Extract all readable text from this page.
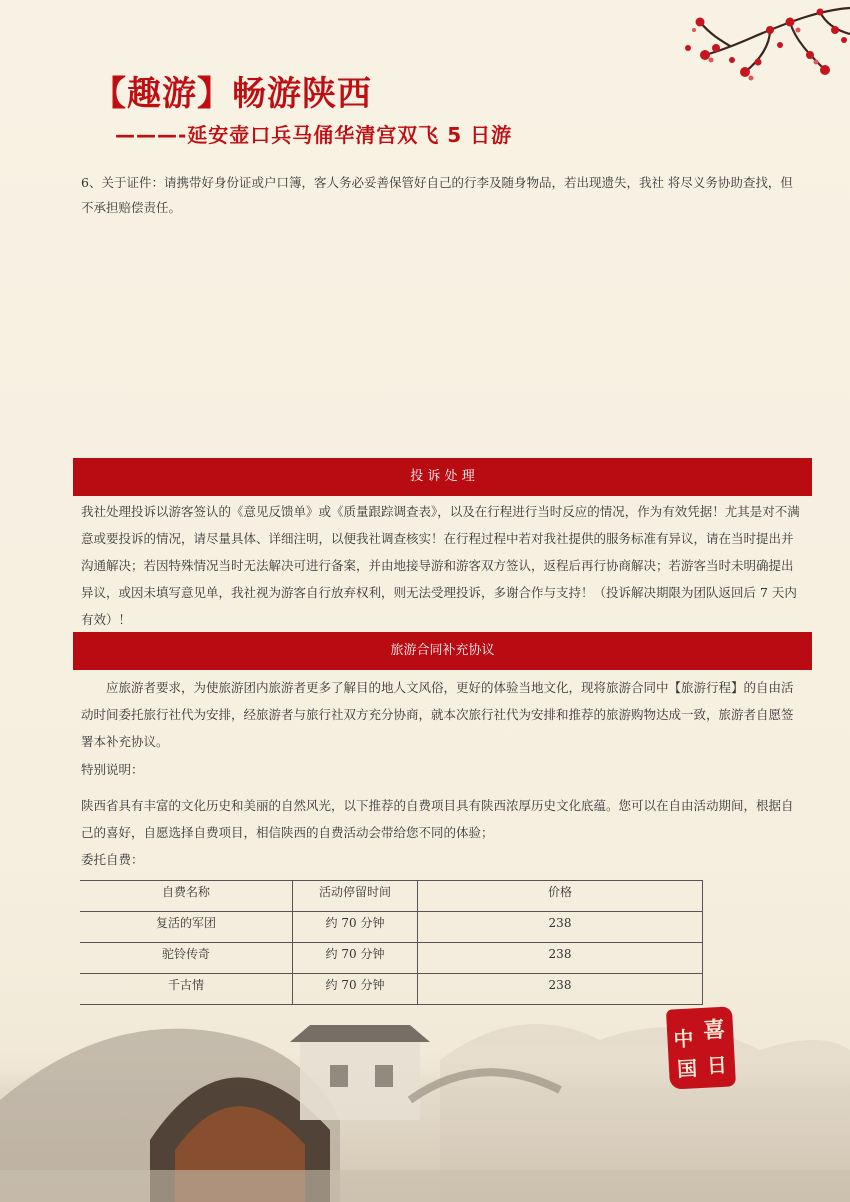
【趣游】畅游陕西
———-延安壶口兵马俑华清宫双飞 5 日游
6、关于证件：请携带好身份证或户口簿，客人务必妥善保管好自己的行李及随身物品，若出现遗失，我社 将尽义务协助查找，但不承担赔偿责任。
投 诉 处 理
我社处理投诉以游客签认的《意见反馈单》或《质量跟踪调查表》，以及在行程进行当时反应的情况，作为有效凭据！尤其是对不满意或要投诉的情况，请尽量具体、详细注明，以便我社调查核实！在行程过程中若对我社提供的服务标准有异议，请在当时提出并沟通解决；若因特殊情况当时无法解决可进行备案，并由地接导游和游客双方签认，返程后再行协商解决；若游客当时未明确提出异议，或因未填写意见单，我社视为游客自行放弃权利，则无法受理投诉，多谢合作与支持！（投诉解决期限为团队返回后 7 天内有效）！
旅游合同补充协议
应旅游者要求，为使旅游团内旅游者更多了解目的地人文风俗，更好的体验当地文化，现将旅游合同中【旅游行程】的自由活动时间委托旅行社代为安排，经旅游者与旅行社双方充分协商，就本次旅行社代为安排和推荐的旅游购物达成一致，旅游者自愿签署本补充协议。
特别说明：
陕西省具有丰富的文化历史和美丽的自然风光，以下推荐的自费项目具有陕西浓厚历史文化底蕴。您可以在自由活动期间，根据自己的喜好，自愿选择自费项目，相信陕西的自费活动会带给您不同的体验；
委托自费：
自费名称	活动停留时间	价格
复活的军团	约 70 分钟	238
驼铃传奇	约 70 分钟	238
千古情	约 70 分钟	238
中
国
喜
日
